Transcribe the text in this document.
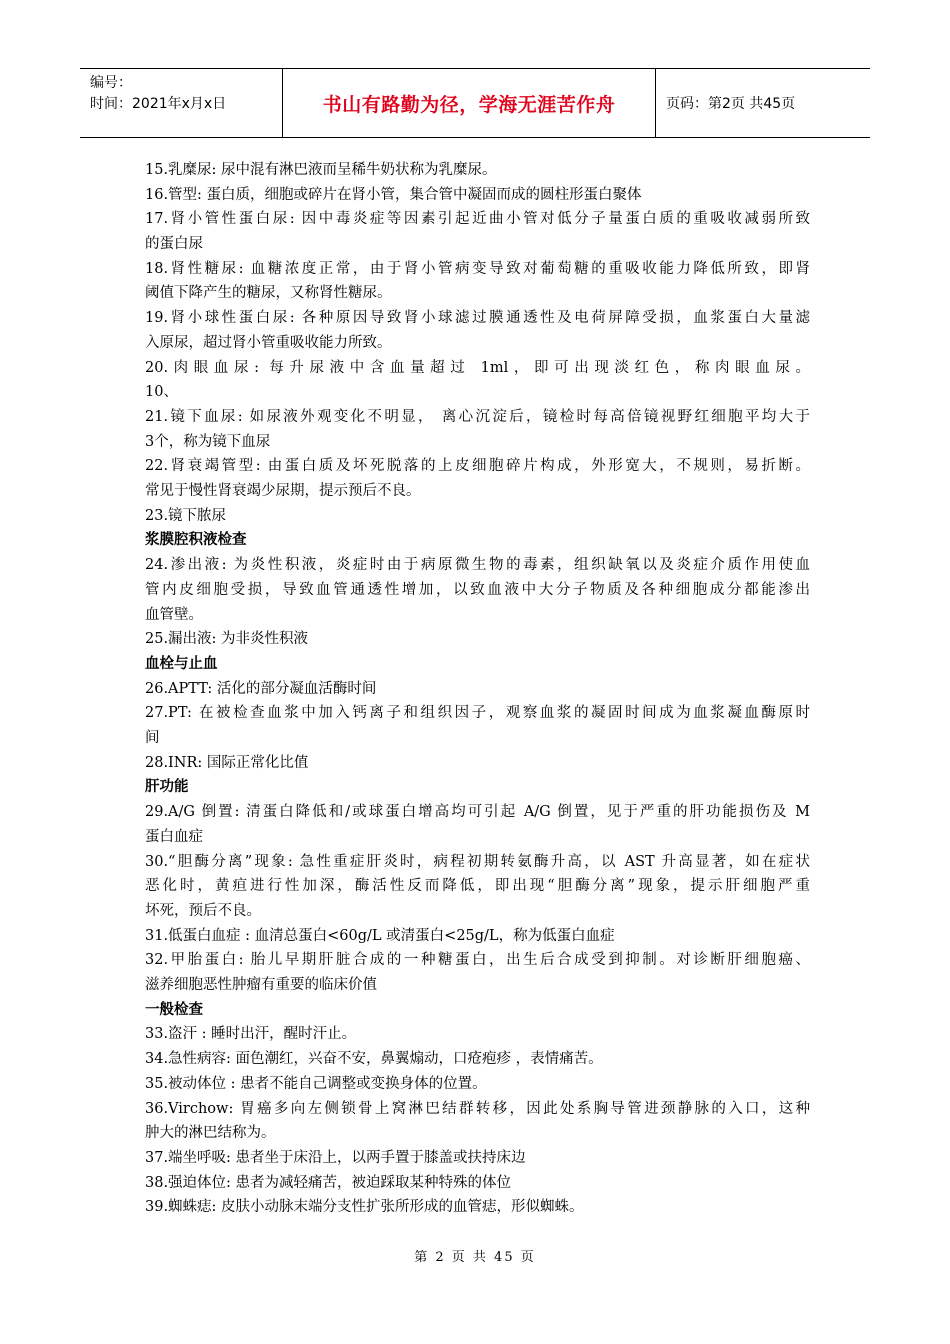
编号：
时间：2021年x月x日	书山有路勤为径，学海无涯苦作舟	页码：第2页 共45页
15.乳糜尿: 尿中混有淋巴液而呈稀牛奶状称为乳糜尿。
16.管型: 蛋白质，细胞或碎片在肾小管，集合管中凝固而成的圆柱形蛋白聚体
17.肾小管性蛋白尿: 因中毒炎症等因素引起近曲小管对低分子量蛋白质的重吸收减弱所致
的蛋白尿
18.肾性糖尿: 血糖浓度正常，由于肾小管病变导致对葡萄糖的重吸收能力降低所致，即肾
阈值下降产生的糖尿，又称肾性糖尿。
19.肾小球性蛋白尿: 各种原因导致肾小球滤过膜通透性及电荷屏障受损，血浆蛋白大量滤
入原尿，超过肾小管重吸收能力所致。
20.肉眼血尿: 每升尿液中含血量超过 1ml，即可出现淡红色，称肉眼血尿。
10、
21.镜下血尿: 如尿液外观变化不明显， 离心沉淀后，镜检时每高倍镜视野红细胞平均大于
3个，称为镜下血尿
22.肾衰竭管型: 由蛋白质及坏死脱落的上皮细胞碎片构成，外形宽大，不规则，易折断。
常见于慢性肾衰竭少尿期，提示预后不良。
23.镜下脓尿
浆膜腔积液检查
24.渗出液: 为炎性积液，炎症时由于病原微生物的毒素，组织缺氧以及炎症介质作用使血
管内皮细胞受损，导致血管通透性增加，以致血液中大分子物质及各种细胞成分都能渗出
血管壁。
25.漏出液: 为非炎性积液
血栓与止血
26.APTT: 活化的部分凝血活酶时间
27.PT: 在被检查血浆中加入钙离子和组织因子，观察血浆的凝固时间成为血浆凝血酶原时
间
28.INR: 国际正常化比值
肝功能
29.A/G 倒置: 清蛋白降低和/或球蛋白增高均可引起 A/G 倒置，见于严重的肝功能损伤及 M
蛋白血症
30.“胆酶分离”现象: 急性重症肝炎时，病程初期转氨酶升高，以 AST 升高显著，如在症状
恶化时，黄疸进行性加深，酶活性反而降低，即出现“胆酶分离”现象，提示肝细胞严重
坏死，预后不良。
31.低蛋白血症 : 血清总蛋白<60g/L 或清蛋白<25g/L，称为低蛋白血症
32.甲胎蛋白: 胎儿早期肝脏合成的一种糖蛋白，出生后合成受到抑制。对诊断肝细胞癌、
滋养细胞恶性肿瘤有重要的临床价值
一般检查
33.盗汗 : 睡时出汗，醒时汗止。
34.急性病容: 面色潮红，兴奋不安，鼻翼煽动，口疮疱疹 ，表情痛苦。
35.被动体位 : 患者不能自己调整或变换身体的位置。
36.Virchow: 胃癌多向左侧锁骨上窝淋巴结群转移，因此处系胸导管进颈静脉的入口，这种
肿大的淋巴结称为。
37.端坐呼吸: 患者坐于床沿上，以两手置于膝盖或扶持床边
38.强迫体位: 患者为减轻痛苦，被迫踩取某种特殊的体位
39.蜘蛛痣: 皮肤小动脉末端分支性扩张所形成的血管痣，形似蜘蛛。
第 2 页 共 45 页
